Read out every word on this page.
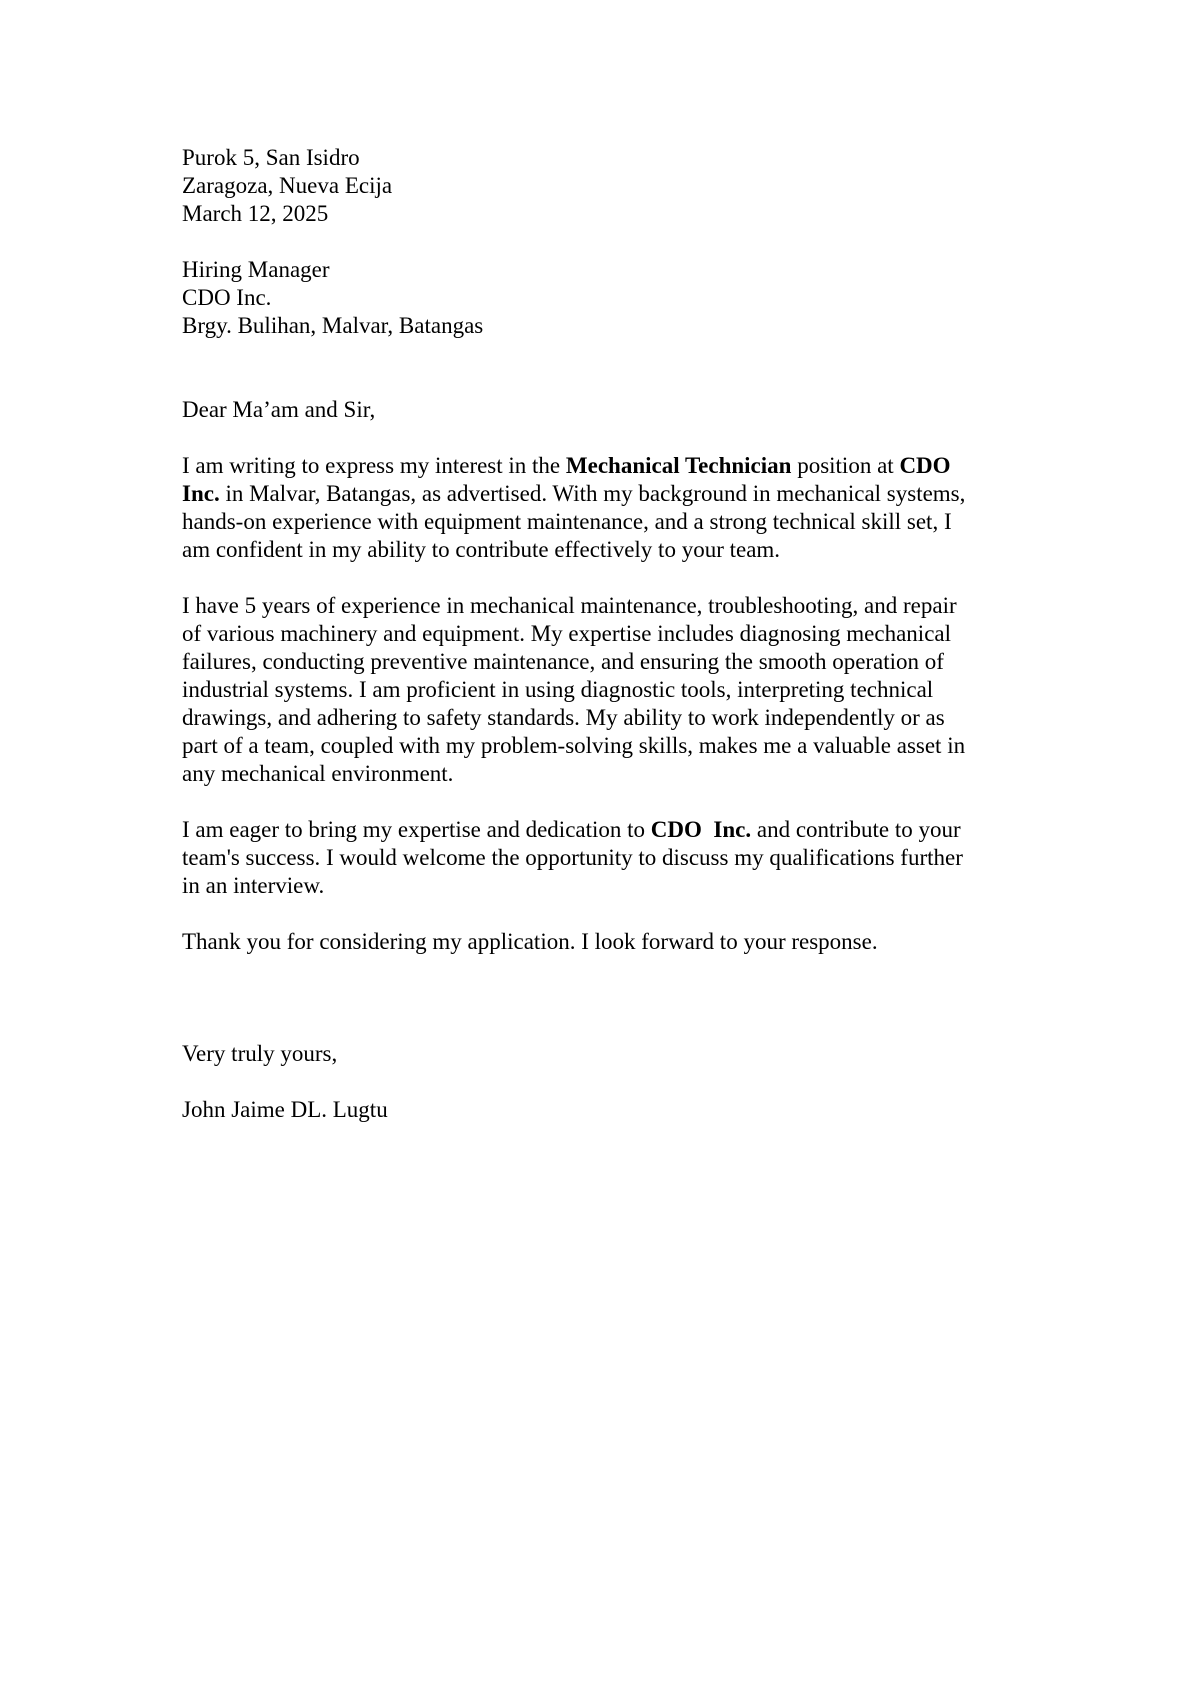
Purok 5, San Isidro
Zaragoza, Nueva Ecija
March 12, 2025
Hiring Manager
CDO Inc.
Brgy. Bulihan, Malvar, Batangas
Dear Ma’am and Sir,
I am writing to express my interest in the Mechanical Technician position at CDO
Inc. in Malvar, Batangas, as advertised. With my background in mechanical systems,
hands-on experience with equipment maintenance, and a strong technical skill set, I
am confident in my ability to contribute effectively to your team.
I have 5 years of experience in mechanical maintenance, troubleshooting, and repair
of various machinery and equipment. My expertise includes diagnosing mechanical
failures, conducting preventive maintenance, and ensuring the smooth operation of
industrial systems. I am proficient in using diagnostic tools, interpreting technical
drawings, and adhering to safety standards. My ability to work independently or as
part of a team, coupled with my problem-solving skills, makes me a valuable asset in
any mechanical environment.
I am eager to bring my expertise and dedication to CDO  Inc. and contribute to your
team's success. I would welcome the opportunity to discuss my qualifications further
in an interview.
Thank you for considering my application. I look forward to your response.
Very truly yours,
John Jaime DL. Lugtu
